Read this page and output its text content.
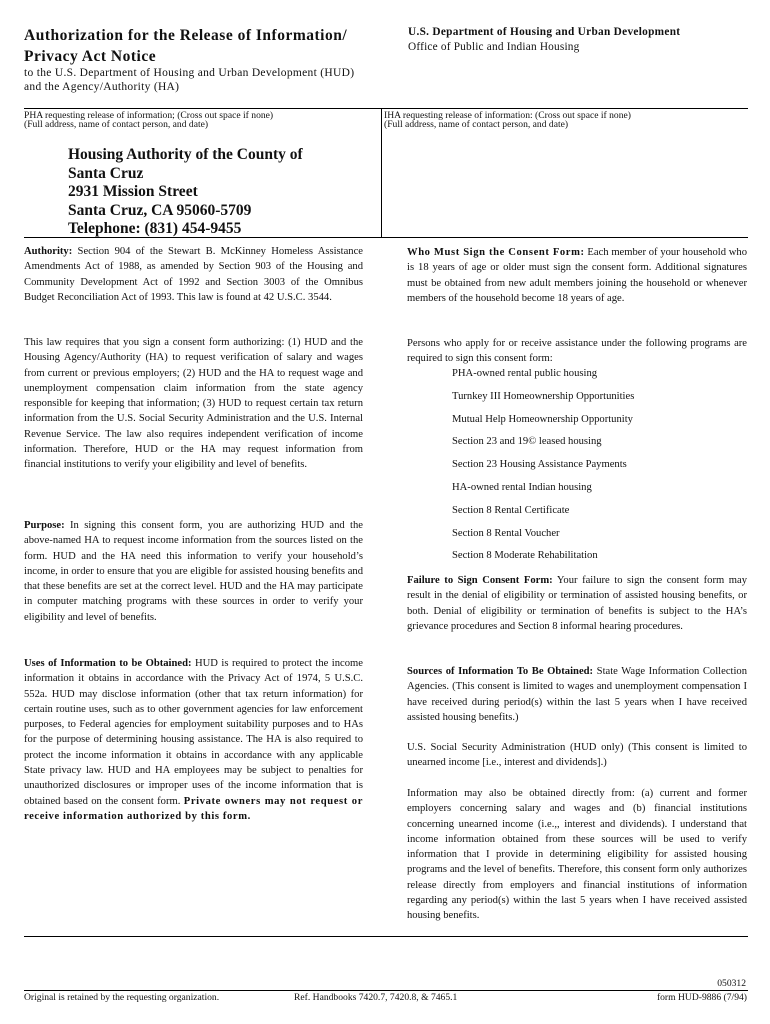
Authorization for the Release of Information/
Privacy Act Notice
to the U.S. Department of Housing and Urban Development (HUD)
and the Agency/Authority (HA)
U.S. Department of Housing and Urban Development
Office of Public and Indian Housing
PHA requesting release of information; (Cross out space if none)
(Full address, name of contact person, and date)
IHA requesting release of information: (Cross out space if none)
(Full address, name of contact person, and date)
Housing Authority of the County of
Santa Cruz
2931 Mission Street
Santa Cruz, CA 95060-5709
Telephone: (831) 454-9455
Authority: Section 904 of the Stewart B. McKinney Homeless Assistance Amendments Act of 1988, as amended by Section 903 of the Housing and Community Development Act of 1992 and Section 3003 of the Omnibus Budget Reconciliation Act of 1993. This law is found at 42 U.S.C. 3544.
This law requires that you sign a consent form authorizing: (1) HUD and the Housing Agency/Authority (HA) to request verification of salary and wages from current or previous employers; (2) HUD and the HA to request wage and unemployment compensation claim information from the state agency responsible for keeping that information; (3) HUD to request certain tax return information from the U.S. Social Security Administration and the U.S. Internal Revenue Service. The law also requires independent verification of income information. Therefore, HUD or the HA may request information from financial institutions to verify your eligibility and level of benefits.
Purpose: In signing this consent form, you are authorizing HUD and the above-named HA to request income information from the sources listed on the form. HUD and the HA need this information to verify your household’s income, in order to ensure that you are eligible for assisted housing benefits and that these benefits are set at the correct level. HUD and the HA may participate in computer matching programs with these sources in order to verify your eligibility and level of benefits.
Uses of Information to be Obtained: HUD is required to protect the income information it obtains in accordance with the Privacy Act of 1974, 5 U.S.C. 552a. HUD may disclose information (other that tax return information) for certain routine uses, such as to other government agencies for law enforcement purposes, to Federal agencies for employment suitability purposes and to HAs for the purpose of determining housing assistance. The HA is also required to protect the income information it obtains in accordance with any applicable State privacy law. HUD and HA employees may be subject to penalties for unauthorized disclosures or improper uses of the income information that is obtained based on the consent form. Private owners may not request or receive information authorized by this form.
Who Must Sign the Consent Form: Each member of your household who is 18 years of age or older must sign the consent form. Additional signatures must be obtained from new adult members joining the household or whenever members of the household become 18 years of age.
Persons who apply for or receive assistance under the following programs are required to sign this consent form:
PHA-owned rental public housing
Turnkey III Homeownership Opportunities
Mutual Help Homeownership Opportunity
Section 23 and 19© leased housing
Section 23 Housing Assistance Payments
HA-owned rental Indian housing
Section 8 Rental Certificate
Section 8 Rental Voucher
Section 8 Moderate Rehabilitation
Failure to Sign Consent Form: Your failure to sign the consent form may result in the denial of eligibility or termination of assisted housing benefits, or both. Denial of eligibility or termination of benefits is subject to the HA’s grievance procedures and Section 8 informal hearing procedures.
Sources of Information To Be Obtained: State Wage Information Collection Agencies. (This consent is limited to wages and unemployment compensation I have received during period(s) within the last 5 years when I have received assisted housing benefits.)
U.S. Social Security Administration (HUD only) (This consent is limited to unearned income [i.e., interest and dividends].)
Information may also be obtained directly from: (a) current and former employers concerning salary and wages and (b) financial institutions concerning unearned income (i.e.,, interest and dividends). I understand that income information obtained from these sources will be used to verify information that I provide in determining eligibility for assisted housing programs and the level of benefits. Therefore, this consent form only authorizes release directly from employers and financial institutions of information regarding any period(s) within the last 5 years when I have received assisted housing benefits.
050312
Original is retained by the requesting organization.	Ref. Handbooks 7420.7, 7420.8, & 7465.1	form HUD-9886 (7/94)
